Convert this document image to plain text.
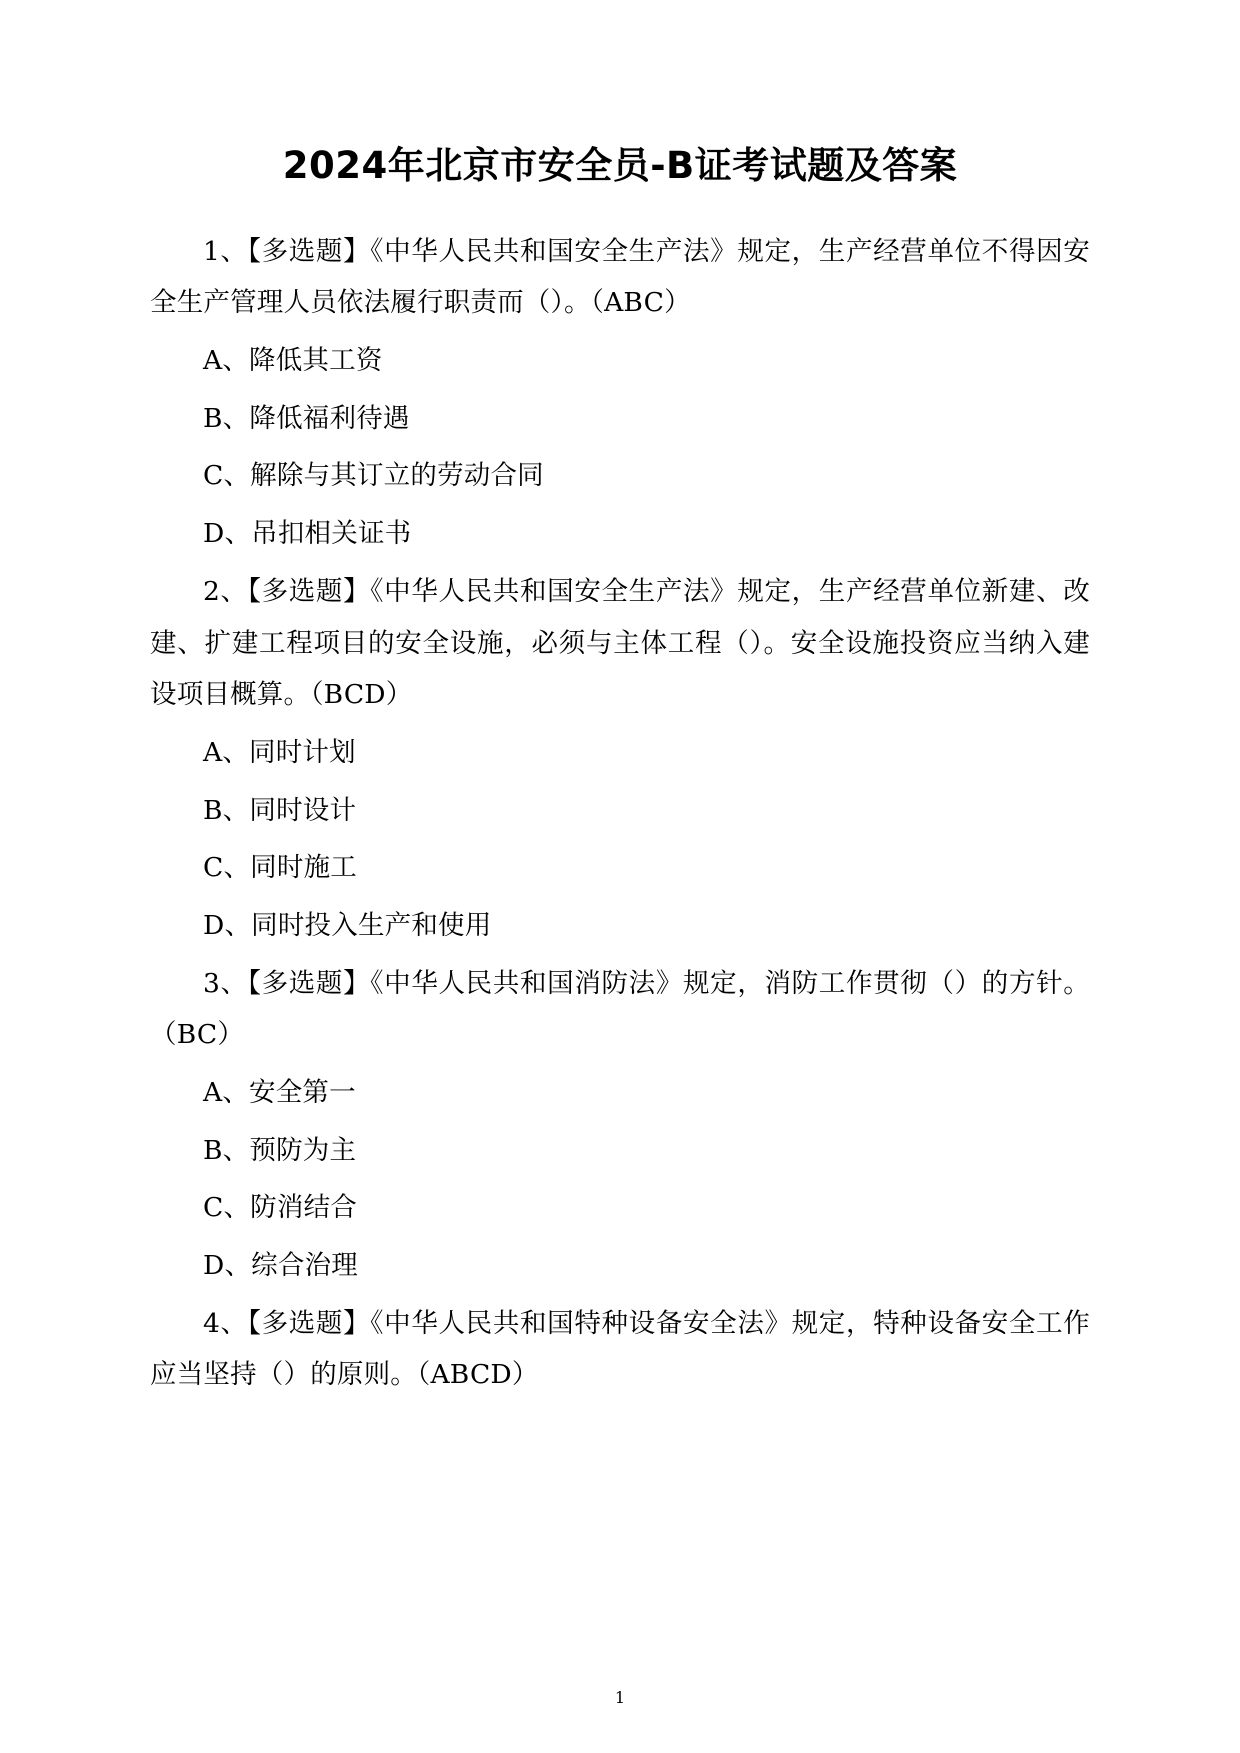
2024年北京市安全员-B证考试题及答案

1、【多选题】《中华人民共和国安全生产法》规定，生产经营单位不得因安全生产管理人员依法履行职责而（）。（ABC）

A、降低其工资

B、降低福利待遇

C、解除与其订立的劳动合同

D、吊扣相关证书

2、【多选题】《中华人民共和国安全生产法》规定，生产经营单位新建、改建、扩建工程项目的安全设施，必须与主体工程（）。安全设施投资应当纳入建设项目概算。（BCD）

A、同时计划

B、同时设计

C、同时施工

D、同时投入生产和使用

3、【多选题】《中华人民共和国消防法》规定，消防工作贯彻（）的方针。（BC）

A、安全第一

B、预防为主

C、防消结合

D、综合治理

4、【多选题】《中华人民共和国特种设备安全法》规定，特种设备安全工作应当坚持（）的原则。（ABCD）

1
